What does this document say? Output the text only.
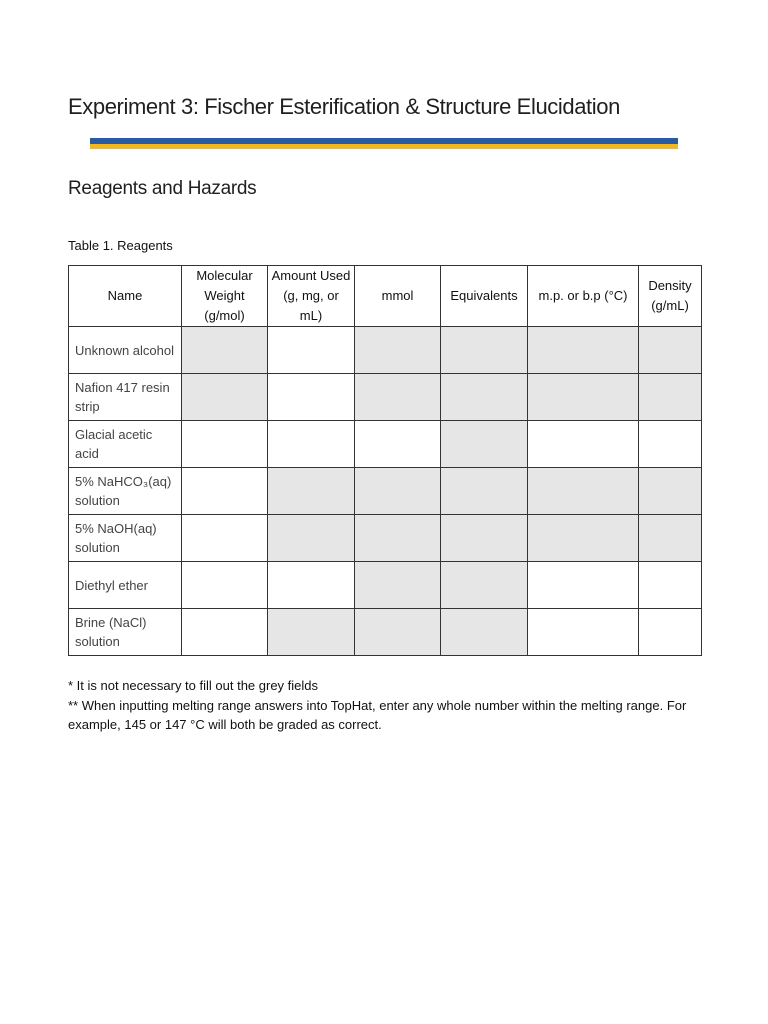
Experiment 3: Fischer Esterification & Structure Elucidation
Reagents and Hazards
Table 1. Reagents
Name	Molecular Weight (g/mol)	Amount Used (g, mg, or mL)	mmol	Equivalents	m.p. or b.p (°C)	Density (g/mL)
Unknown alcohol						
Nafion 417 resin strip						
Glacial acetic acid						
5% NaHCO₃(aq) solution						
5% NaOH(aq) solution						
Diethyl ether						
Brine (NaCl) solution						
* It is not necessary to fill out the grey fields
** When inputting melting range answers into TopHat, enter any whole number within the melting range. For example, 145 or 147 °C will both be graded as correct.
